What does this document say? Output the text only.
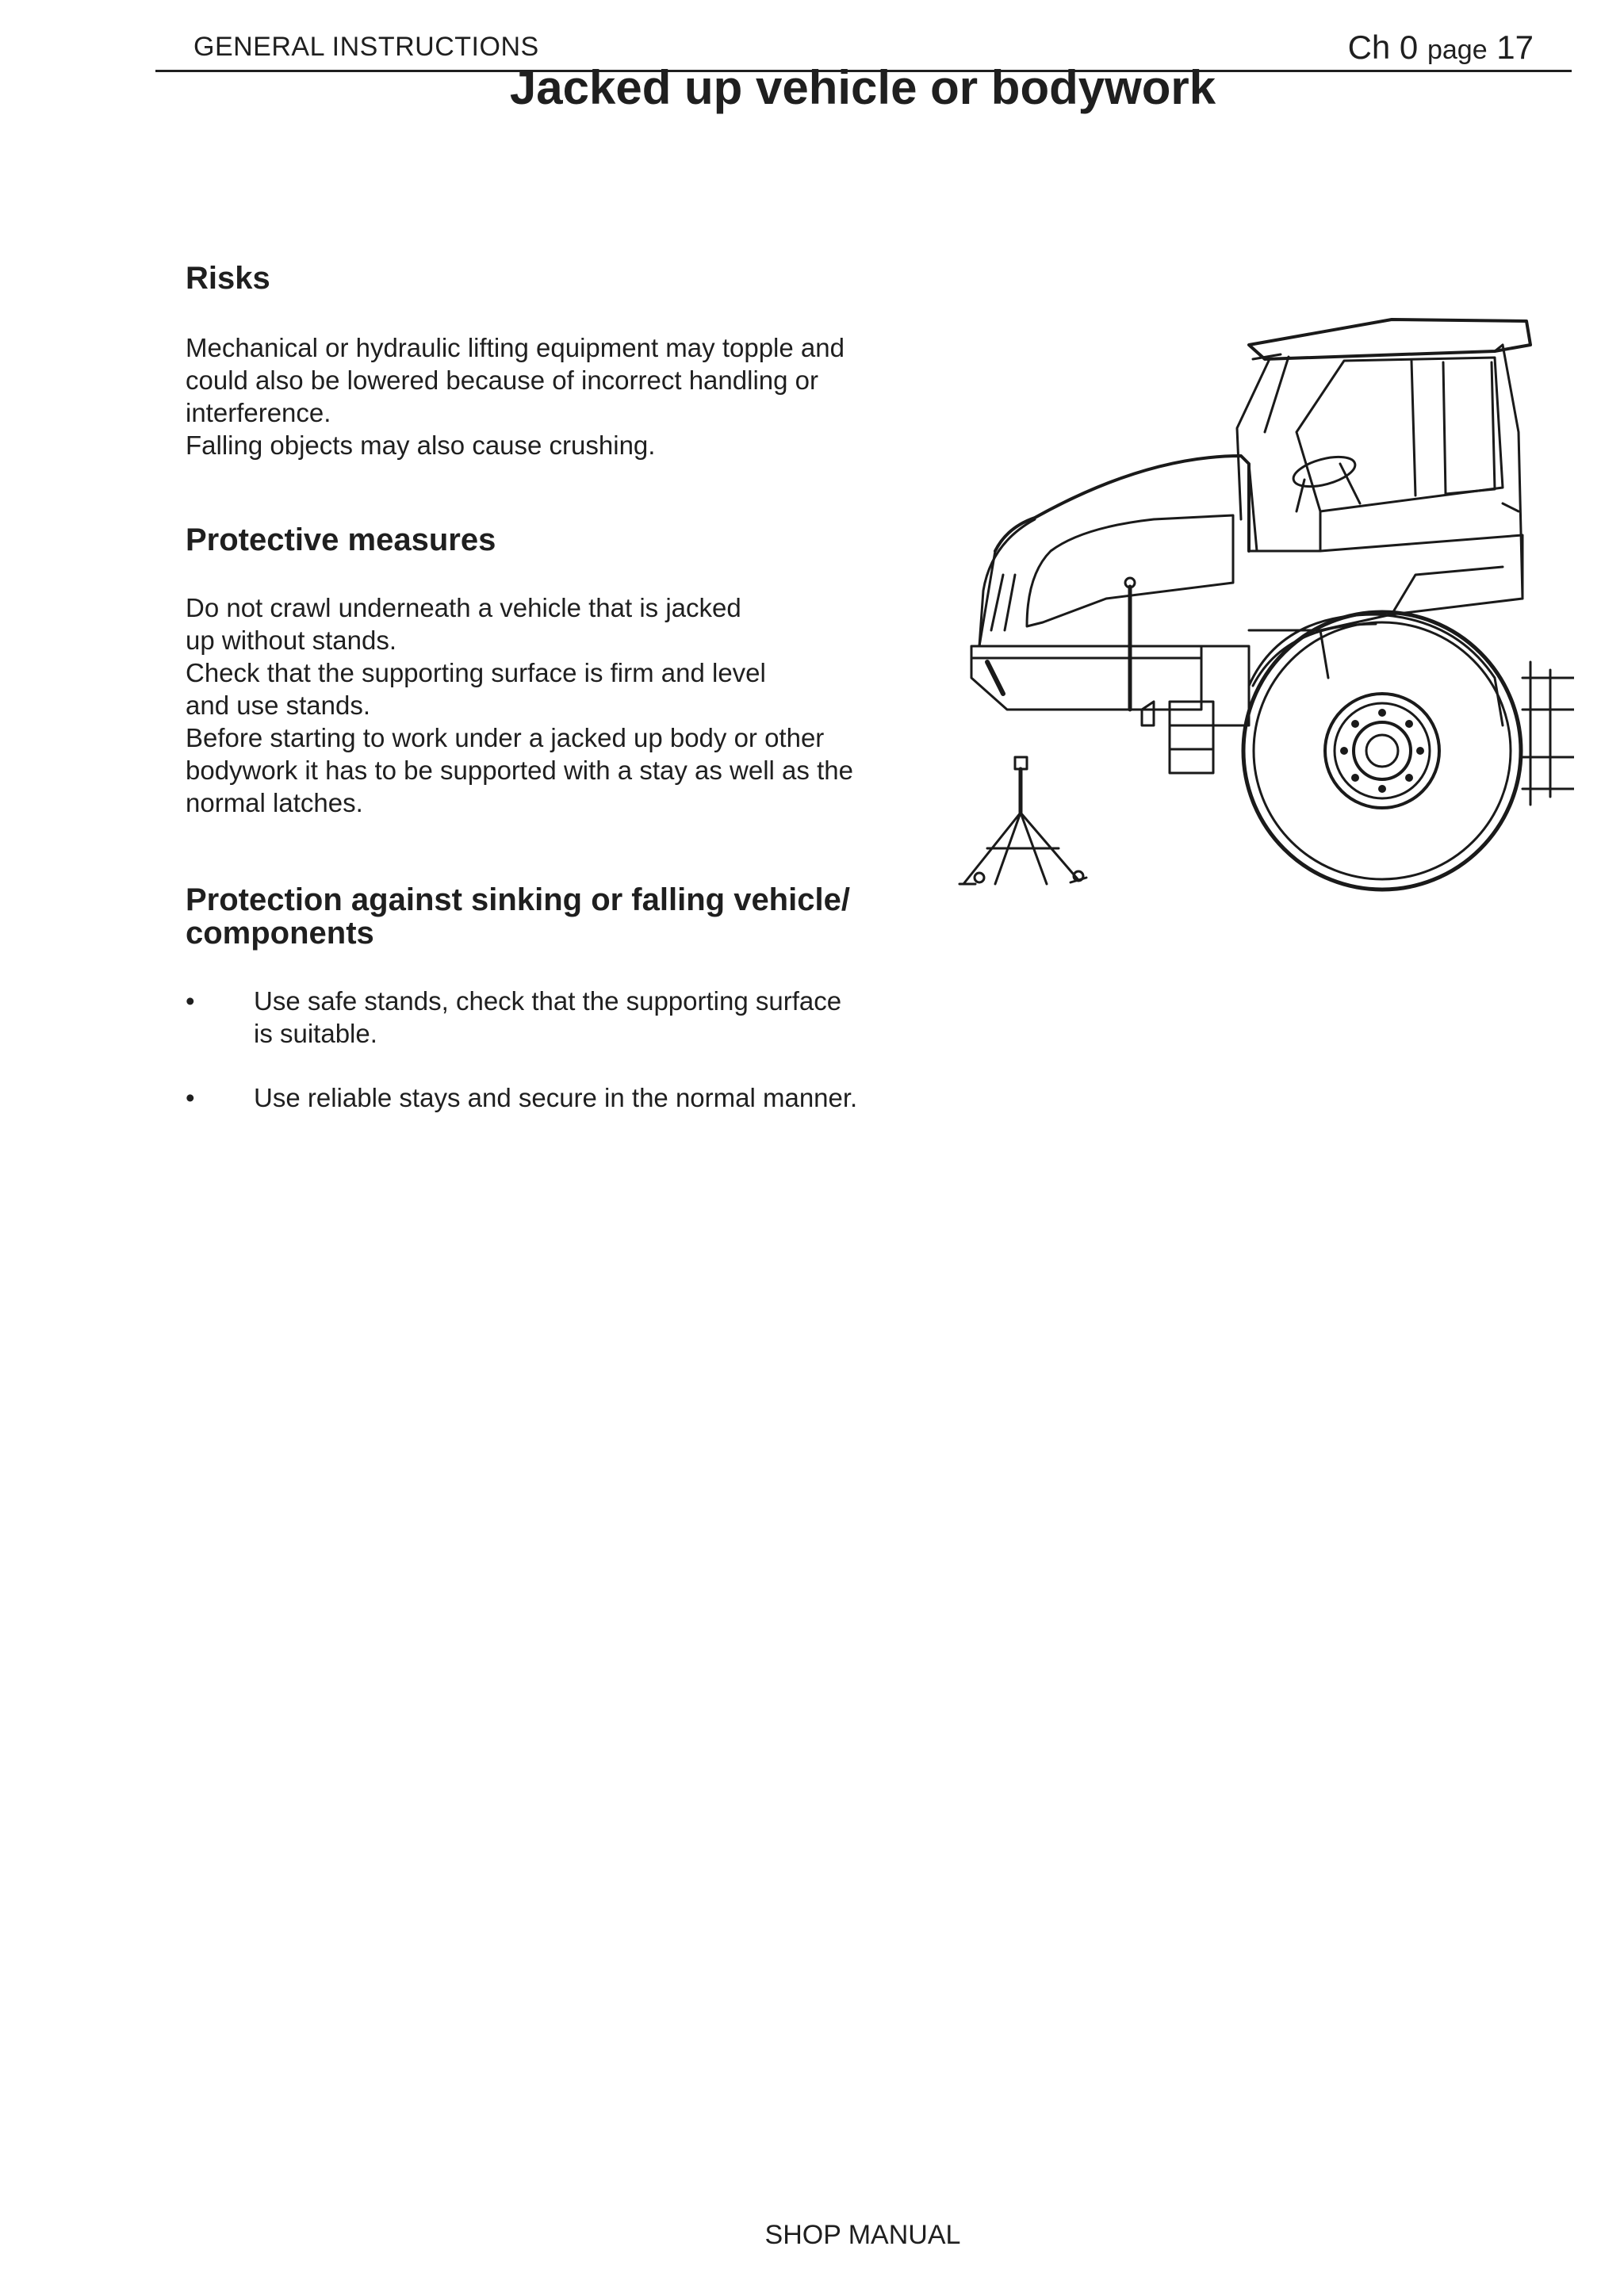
GENERAL INSTRUCTIONS	Ch 0 page 17
Jacked up vehicle or bodywork
Risks

Mechanical or hydraulic lifting equipment may topple and

could also be lowered because of incorrect handling or

interference.

Falling objects may also cause crushing.

Protective measures

Do not crawl underneath a vehicle that is jacked

up without stands.

Check that the supporting surface is firm and level

and use stands.

Before starting to work under a jacked up body or other

bodywork it has to be supported with a stay as well as the

normal latches.

Protection against sinking or falling vehicle/
components
• Use safe stands, check that the supporting surface
is suitable.
• Use reliable stays and secure in the normal manner.
SHOP MANUAL
